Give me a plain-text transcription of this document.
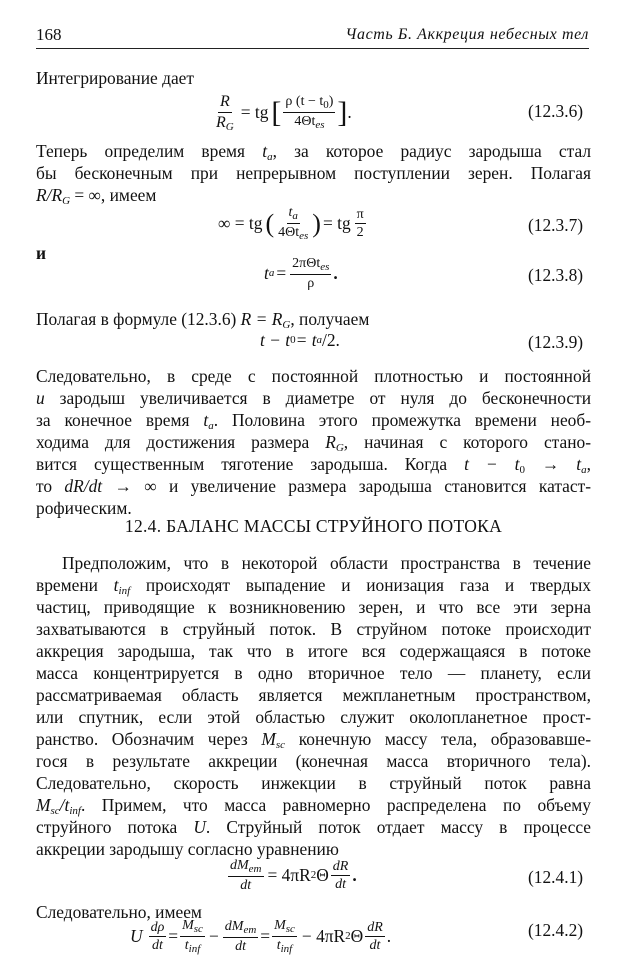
168	Часть Б. Аккреция небесных тел
Интегрирование дает
$\frac{R}{R_G}$ = tg [ $\frac{\rho (t - t_0)}{4\Theta t_{es}}$ ] .	(12.3.6)
Теперь определим время $t_a$, за которое радиус зародыша стал
бы бесконечным при непрерывном поступлении зерен. Полагая
$R/R_G$ = ∞, имеем
∞ = tg ( $\frac{t_a}{4\Theta t_{es}}$ ) = tg $\frac{\pi}{2}$	(12.3.7)
и
t $a = \frac{2\pi\Theta t_{es}}{\rho}$ .	(12.3.8)
Полагая в формуле (12.3.6) $R = R_G$, получаем
t − t 0 = t a /2.	(12.3.9)
Следовательно, в среде с постоянной плотностью и постоянной
u зародыш увеличивается в диаметре от нуля до бесконечности
за конечное время $t_a$. Половина этого промежутка времени необ-
ходима для достижения размера $R_G$, начиная с которого стано-
вится существенным тяготение зародыша. Когда $t - t_0 \to t_a$,
то dR/dt → ∞ и увеличение размера зародыша становится катаст-
рофическим.
12.4. БАЛАНС МАССЫ СТРУЙНОГО ПОТОКА
Предположим, что в некоторой области пространства в течение
времени $t_{inf}$ происходят выпадение и ионизация газа и твердых
частиц, приводящие к возникновению зерен, и что все эти зерна
захватываются в струйный поток. В струйном потоке происходит
аккреция зародыша, так что в итоге вся содержащаяся в потоке
масса концентрируется в одно вторичное тело — планету, если
рассматриваемая область является межпланетным пространством,
или спутник, если этой областью служит околопланетное прост-
ранство. Обозначим через $M_{sc}$ конечную массу тела, образовавше-
гося в результате аккреции (конечная масса вторичного тела).
Следовательно, скорость инжекции в струйный поток равна
$M_{sc}/t_{inf}$. Примем, что масса равномерно распределена по объему
струйного потока U. Струйный поток отдает массу в процессе
аккреции зародышу согласно уравнению
$\frac{dM_{em}}{dt} = 4\pi R$ 2 Θ $\frac{dR}{dt}$ .	(12.4.1)
Следовательно, имеем
U $\frac{d\rho}{dt} = \frac{M_{sc}}{t_{inf}} - \frac{dM_{em}}{dt} = \frac{M_{sc}}{t_{inf}} - 4\pi R$ 2 Θ $\frac{dR}{dt}$ .	(12.4.2)
